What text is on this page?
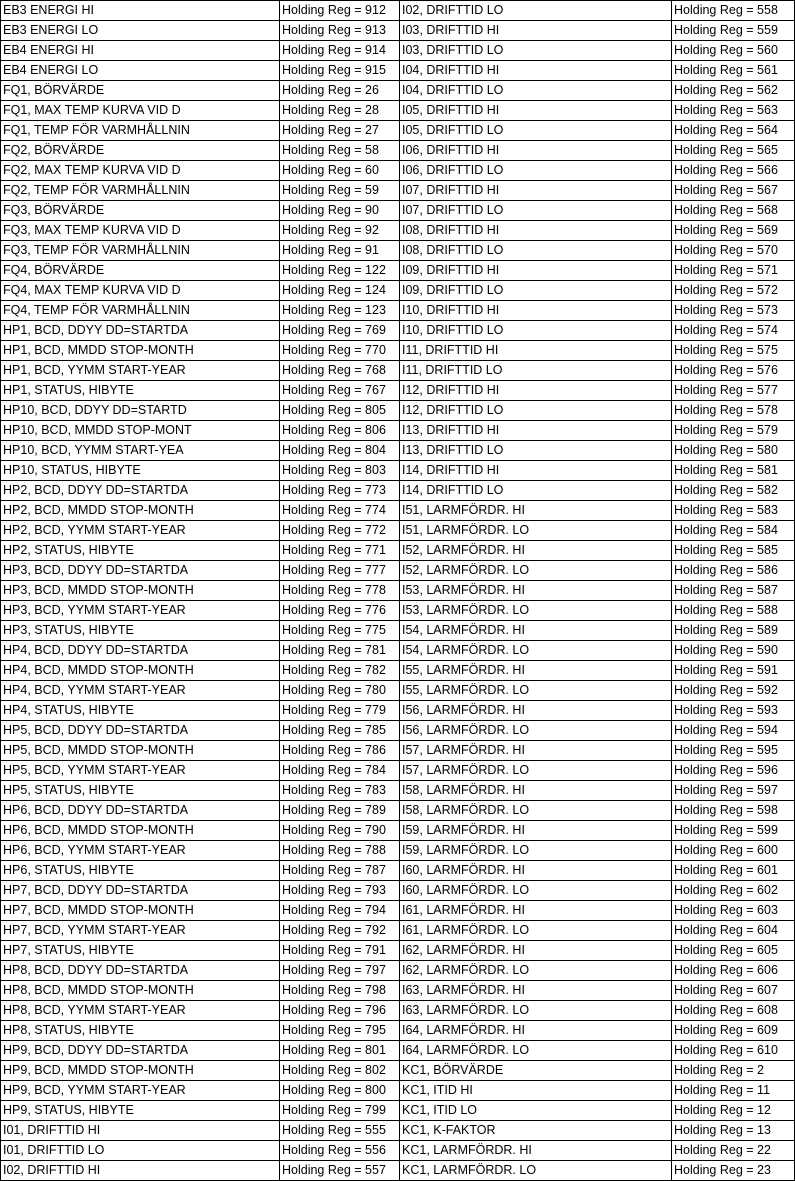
EB3 ENERGI HI	Holding Reg = 912	I02, DRIFTTID LO	Holding Reg = 558
EB3 ENERGI LO	Holding Reg = 913	I03, DRIFTTID HI	Holding Reg = 559
EB4 ENERGI HI	Holding Reg = 914	I03, DRIFTTID LO	Holding Reg = 560
EB4 ENERGI LO	Holding Reg = 915	I04, DRIFTTID HI	Holding Reg = 561
FQ1, BÖRVÄRDE	Holding Reg = 26	I04, DRIFTTID LO	Holding Reg = 562
FQ1, MAX TEMP KURVA VID D	Holding Reg = 28	I05, DRIFTTID HI	Holding Reg = 563
FQ1, TEMP FÖR VARMHÅLLNIN	Holding Reg = 27	I05, DRIFTTID LO	Holding Reg = 564
FQ2, BÖRVÄRDE	Holding Reg = 58	I06, DRIFTTID HI	Holding Reg = 565
FQ2, MAX TEMP KURVA VID D	Holding Reg = 60	I06, DRIFTTID LO	Holding Reg = 566
FQ2, TEMP FÖR VARMHÅLLNIN	Holding Reg = 59	I07, DRIFTTID HI	Holding Reg = 567
FQ3, BÖRVÄRDE	Holding Reg = 90	I07, DRIFTTID LO	Holding Reg = 568
FQ3, MAX TEMP KURVA VID D	Holding Reg = 92	I08, DRIFTTID HI	Holding Reg = 569
FQ3, TEMP FÖR VARMHÅLLNIN	Holding Reg = 91	I08, DRIFTTID LO	Holding Reg = 570
FQ4, BÖRVÄRDE	Holding Reg = 122	I09, DRIFTTID HI	Holding Reg = 571
FQ4, MAX TEMP KURVA VID D	Holding Reg = 124	I09, DRIFTTID LO	Holding Reg = 572
FQ4, TEMP FÖR VARMHÅLLNIN	Holding Reg = 123	I10, DRIFTTID HI	Holding Reg = 573
HP1, BCD, DDYY DD=STARTDA	Holding Reg = 769	I10, DRIFTTID LO	Holding Reg = 574
HP1, BCD, MMDD STOP-MONTH	Holding Reg = 770	I11, DRIFTTID HI	Holding Reg = 575
HP1, BCD, YYMM START-YEAR	Holding Reg = 768	I11, DRIFTTID LO	Holding Reg = 576
HP1, STATUS, HIBYTE	Holding Reg = 767	I12, DRIFTTID HI	Holding Reg = 577
HP10, BCD, DDYY DD=STARTD	Holding Reg = 805	I12, DRIFTTID LO	Holding Reg = 578
HP10, BCD, MMDD STOP-MONT	Holding Reg = 806	I13, DRIFTTID HI	Holding Reg = 579
HP10, BCD, YYMM START-YEA	Holding Reg = 804	I13, DRIFTTID LO	Holding Reg = 580
HP10, STATUS, HIBYTE	Holding Reg = 803	I14, DRIFTTID HI	Holding Reg = 581
HP2, BCD, DDYY DD=STARTDA	Holding Reg = 773	I14, DRIFTTID LO	Holding Reg = 582
HP2, BCD, MMDD STOP-MONTH	Holding Reg = 774	I51, LARMFÖRDR. HI	Holding Reg = 583
HP2, BCD, YYMM START-YEAR	Holding Reg = 772	I51, LARMFÖRDR. LO	Holding Reg = 584
HP2, STATUS, HIBYTE	Holding Reg = 771	I52, LARMFÖRDR. HI	Holding Reg = 585
HP3, BCD, DDYY DD=STARTDA	Holding Reg = 777	I52, LARMFÖRDR. LO	Holding Reg = 586
HP3, BCD, MMDD STOP-MONTH	Holding Reg = 778	I53, LARMFÖRDR. HI	Holding Reg = 587
HP3, BCD, YYMM START-YEAR	Holding Reg = 776	I53, LARMFÖRDR. LO	Holding Reg = 588
HP3, STATUS, HIBYTE	Holding Reg = 775	I54, LARMFÖRDR. HI	Holding Reg = 589
HP4, BCD, DDYY DD=STARTDA	Holding Reg = 781	I54, LARMFÖRDR. LO	Holding Reg = 590
HP4, BCD, MMDD STOP-MONTH	Holding Reg = 782	I55, LARMFÖRDR. HI	Holding Reg = 591
HP4, BCD, YYMM START-YEAR	Holding Reg = 780	I55, LARMFÖRDR. LO	Holding Reg = 592
HP4, STATUS, HIBYTE	Holding Reg = 779	I56, LARMFÖRDR. HI	Holding Reg = 593
HP5, BCD, DDYY DD=STARTDA	Holding Reg = 785	I56, LARMFÖRDR. LO	Holding Reg = 594
HP5, BCD, MMDD STOP-MONTH	Holding Reg = 786	I57, LARMFÖRDR. HI	Holding Reg = 595
HP5, BCD, YYMM START-YEAR	Holding Reg = 784	I57, LARMFÖRDR. LO	Holding Reg = 596
HP5, STATUS, HIBYTE	Holding Reg = 783	I58, LARMFÖRDR. HI	Holding Reg = 597
HP6, BCD, DDYY DD=STARTDA	Holding Reg = 789	I58, LARMFÖRDR. LO	Holding Reg = 598
HP6, BCD, MMDD STOP-MONTH	Holding Reg = 790	I59, LARMFÖRDR. HI	Holding Reg = 599
HP6, BCD, YYMM START-YEAR	Holding Reg = 788	I59, LARMFÖRDR. LO	Holding Reg = 600
HP6, STATUS, HIBYTE	Holding Reg = 787	I60, LARMFÖRDR. HI	Holding Reg = 601
HP7, BCD, DDYY DD=STARTDA	Holding Reg = 793	I60, LARMFÖRDR. LO	Holding Reg = 602
HP7, BCD, MMDD STOP-MONTH	Holding Reg = 794	I61, LARMFÖRDR. HI	Holding Reg = 603
HP7, BCD, YYMM START-YEAR	Holding Reg = 792	I61, LARMFÖRDR. LO	Holding Reg = 604
HP7, STATUS, HIBYTE	Holding Reg = 791	I62, LARMFÖRDR. HI	Holding Reg = 605
HP8, BCD, DDYY DD=STARTDA	Holding Reg = 797	I62, LARMFÖRDR. LO	Holding Reg = 606
HP8, BCD, MMDD STOP-MONTH	Holding Reg = 798	I63, LARMFÖRDR. HI	Holding Reg = 607
HP8, BCD, YYMM START-YEAR	Holding Reg = 796	I63, LARMFÖRDR. LO	Holding Reg = 608
HP8, STATUS, HIBYTE	Holding Reg = 795	I64, LARMFÖRDR. HI	Holding Reg = 609
HP9, BCD, DDYY DD=STARTDA	Holding Reg = 801	I64, LARMFÖRDR. LO	Holding Reg = 610
HP9, BCD, MMDD STOP-MONTH	Holding Reg = 802	KC1, BÖRVÄRDE	Holding Reg = 2
HP9, BCD, YYMM START-YEAR	Holding Reg = 800	KC1, ITID HI	Holding Reg = 11
HP9, STATUS, HIBYTE	Holding Reg = 799	KC1, ITID LO	Holding Reg = 12
I01, DRIFTTID HI	Holding Reg = 555	KC1, K-FAKTOR	Holding Reg = 13
I01, DRIFTTID LO	Holding Reg = 556	KC1, LARMFÖRDR. HI	Holding Reg = 22
I02, DRIFTTID HI	Holding Reg = 557	KC1, LARMFÖRDR. LO	Holding Reg = 23
